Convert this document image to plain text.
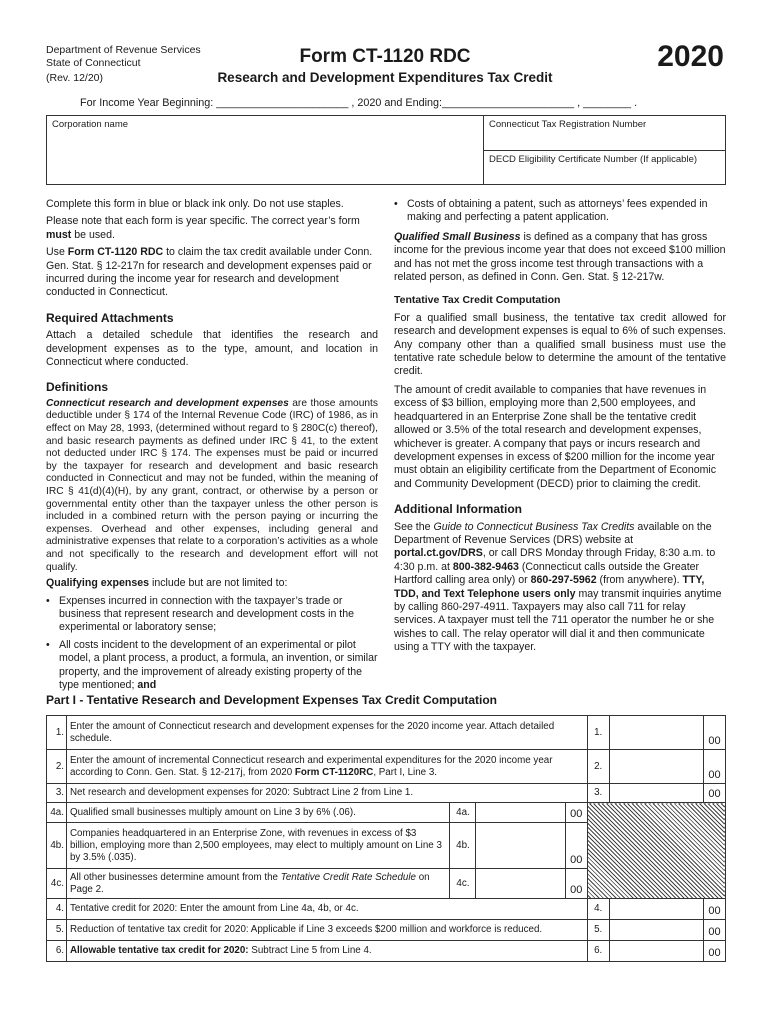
Department of Revenue Services
State of Connecticut
(Rev. 12/20)
Form CT-1120 RDC
Research and Development Expenditures Tax Credit
2020
For Income Year Beginning: ______________________ , 2020 and Ending:______________________ , ________ .
Corporation name	Connecticut Tax Registration Number
DECD Eligibility Certificate Number (If applicable)

Complete this form in blue or black ink only. Do not use staples.

Please note that each form is year specific. The correct year’s form must be used.

Use Form CT-1120 RDC to claim the tax credit available under Conn. Gen. Stat. § 12-217n for research and development expenses paid or incurred during the income year for research and development conducted in Connecticut.

Required Attachments

Attach a detailed schedule that identifies the research and development expenses as to the type, amount, and location in Connecticut where conducted.

Definitions

Connecticut research and development expenses are those amounts deductible under § 174 of the Internal Revenue Code (IRC) of 1986, as in effect on May 28, 1993, (determined without regard to § 280C(c) thereof), and basic research payments as defined under IRC § 41, to the extent not deducted under IRC § 174. The expenses must be paid or incurred by the taxpayer for research and development and basic research conducted in Connecticut and may not be funded, within the meaning of IRC § 41(d)(4)(H), by any grant, contract, or otherwise by a person or governmental entity other than the taxpayer unless the other person is included in a combined return with the person paying or incurring the expenses. Overhead and other expenses, including general and administrative expenses that relate to a corporation’s activities as a whole and not specifically to the research and development effort will not qualify.

Qualifying expenses include but are not limited to:

• Expenses incurred in connection with the taxpayer’s trade or business that represent research and development costs in the experimental or laboratory sense;
• All costs incident to the development of an experimental or pilot model, a plant process, a product, a formula, an invention, or similar property, and the improvement of already existing property of the type mentioned; and
• Costs of obtaining a patent, such as attorneys’ fees expended in making and perfecting a patent application.

Qualified Small Business is defined as a company that has gross income for the previous income year that does not exceed $100 million and has not met the gross income test through transactions with a related person, as defined in Conn. Gen. Stat. § 12-217w.

Tentative Tax Credit Computation

For a qualified small business, the tentative tax credit allowed for research and development expenses is equal to 6% of such expenses. Any company other than a qualified small business must use the tentative rate schedule below to determine the amount of the tentative credit.

The amount of credit available to companies that have revenues in excess of $3 billion, employing more than 2,500 employees, and headquartered in an Enterprise Zone shall be the tentative credit allowed or 3.5% of the total research and development expenses, whichever is greater. A company that pays or incurs research and development expenses in excess of $200 million for the income year must obtain an eligibility certificate from the Department of Economic and Community Development (DECD) prior to claiming the credit.

Additional Information

See the Guide to Connecticut Business Tax Credits available on the Department of Revenue Services (DRS) website at portal.ct.gov/DRS, or call DRS Monday through Friday, 8:30 a.m. to 4:30 p.m. at 800-382-9463 (Connecticut calls outside the Greater Hartford calling area only) or 860-297-5962 (from anywhere). TTY, TDD, and Text Telephone users only may transmit inquiries anytime by calling 860-297-4911. Taxpayers may also call 711 for relay services. A taxpayer must tell the 711 operator the number he or she wishes to call. The relay operator will dial it and then communicate using a TTY with the taxpayer.

Part I - Tentative Research and Development Expenses Tax Credit Computation
1.	Enter the amount of Connecticut research and development expenses for the 2020 income year. Attach detailed schedule.				1.		00
2.	Enter the amount of incremental Connecticut research and experimental expenditures for the 2020 income year according to Conn. Gen. Stat. § 12-217j, from 2020 Form CT-1120RC, Part I, Line 3.				2.		00
3.	Net research and development expenses for 2020: Subtract Line 2 from Line 1.				3.		00
4a.	Qualified small businesses multiply amount on Line 3 by 6% (.06).	4a.		00			
4b.	Companies headquartered in an Enterprise Zone, with revenues in excess of $3 billion, employing more than 2,500 employees, may elect to multiply amount on Line 3 by 3.5% (.035).	4b.		00			
4c.	All other businesses determine amount from the Tentative Credit Rate Schedule on Page 2.	4c.		00			
4.	Tentative credit for 2020: Enter the amount from Line 4a, 4b, or 4c.				4.		00
5.	Reduction of tentative tax credit for 2020: Applicable if Line 3 exceeds $200 million and workforce is reduced.				5.		00
6.	Allowable tentative tax credit for 2020: Subtract Line 5 from Line 4.				6.		00
